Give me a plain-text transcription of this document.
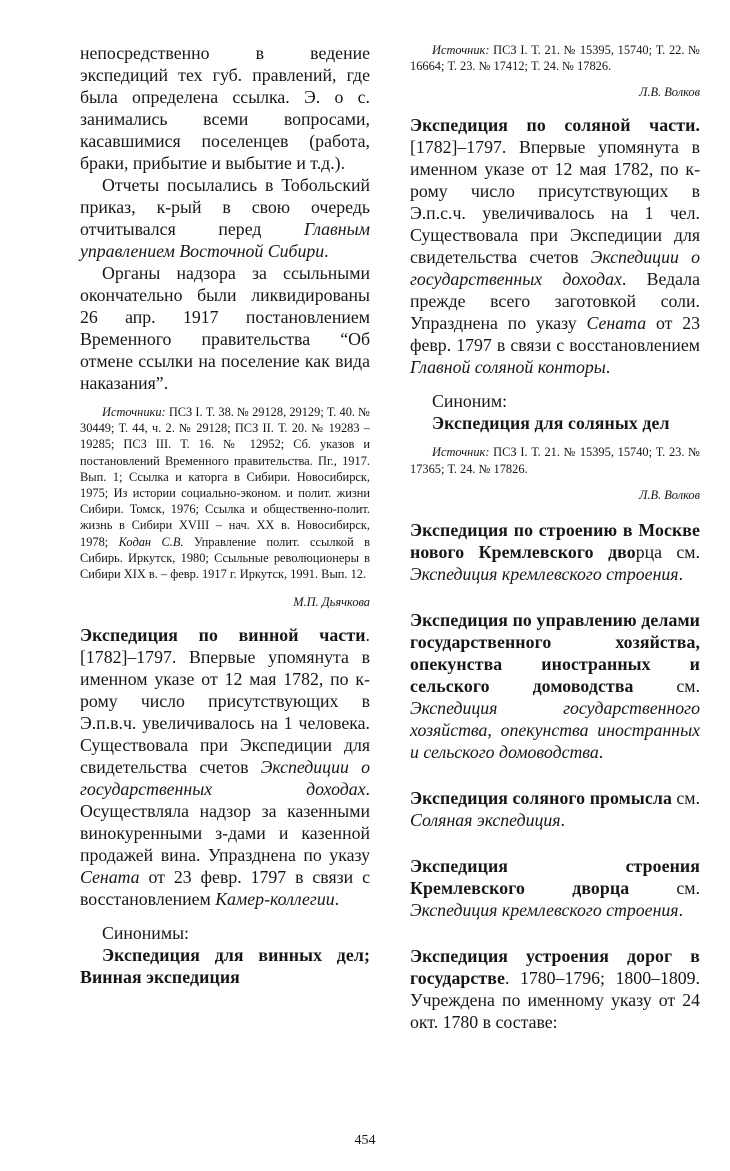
непосредственно в ведение экспедиций тех губ. правлений, где была определена ссылка. Э. о с. занимались всеми вопросами, касавшимися поселенцев (работа, браки, прибытие и выбытие и т.д.).

Отчеты посылались в Тобольский приказ, к-рый в свою очередь отчитывался перед Главным управлением Восточной Сибири.

Органы надзора за ссыльными окончательно были ликвидированы 26 апр. 1917 постановлением Временного правительства “Об отмене ссылки на поселение как вида наказания”.

Источники: ПСЗ I. Т. 38. № 29128, 29129; Т. 40. № 30449; Т. 44, ч. 2. № 29128; ПСЗ II. Т. 20. № 19283 – 19285; ПСЗ III. Т. 16. № 12952; Сб. указов и постановлений Временного правительства. Пг., 1917. Вып. 1; Ссылка и каторга в Сибири. Новосибирск, 1975; Из истории социально-эконом. и полит. жизни Сибири. Томск, 1976; Ссылка и общественно-полит. жизнь в Сибири XVIII – нач. XX в. Новосибирск, 1978; Кодан С.В. Управление полит. ссылкой в Сибирь. Иркутск, 1980; Ссыльные революционеры в Сибири XIX в. – февр. 1917 г. Иркутск, 1991. Вып. 12.

М.П. Дьячкова

Экспедиция по винной части. [1782]–1797. Впервые упомянута в именном указе от 12 мая 1782, по к-рому число присутствующих в Э.п.в.ч. увеличивалось на 1 человека. Существовала при Экспедиции для свидетельства счетов Экспедиции о государственных доходах. Осуществляла надзор за казенными винокуренными з-дами и казенной продажей вина. Упразднена по указу Сената от 23 февр. 1797 в связи с восстановлением Камер-коллегии.

Синонимы:

Экспедиция для винных дел; Винная экспедиция

Источник: ПСЗ I. Т. 21. № 15395, 15740; Т. 22. № 16664; Т. 23. № 17412; Т. 24. № 17826.

Л.В. Волков

Экспедиция по соляной части. [1782]–1797. Впервые упомянута в именном указе от 12 мая 1782, по к-рому число присутствующих в Э.п.с.ч. увеличивалось на 1 чел. Существовала при Экспедиции для свидетельства счетов Экспедиции о государственных доходах. Ведала прежде всего заготовкой соли. Упразднена по указу Сената от 23 февр. 1797 в связи с восстановлением Главной соляной конторы.

Синоним:

Экспедиция для соляных дел

Источник: ПСЗ I. Т. 21. № 15395, 15740; Т. 23. № 17365; Т. 24. № 17826.

Л.В. Волков

Экспедиция по строению в Москве нового Кремлевского дворца см. Экспедиция кремлевского строения.

Экспедиция по управлению делами государственного хозяйства, опекунства иностранных и сельского домоводства см. Экспедиция государственного хозяйства, опекунства иностранных и сельского домоводства.

Экспедиция соляного промысла см. Соляная экспедиция.

Экспедиция строения Кремлевского дворца см. Экспедиция кремлевского строения.

Экспедиция устроения дорог в государстве. 1780–1796; 1800–1809. Учреждена по именному указу от 24 окт. 1780 в составе:

454
